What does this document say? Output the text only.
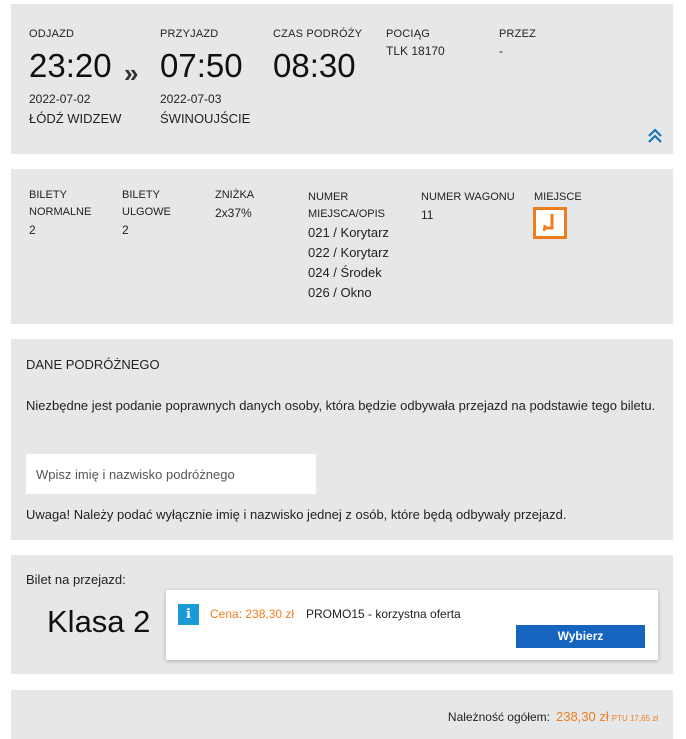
ODJAZD
23:20
2022-07-02
ŁÓDŹ WIDZEW
»
PRZYJAZD
07:50
2022-07-03
ŚWINOUJŚCIE
CZAS PODRÓŻY
08:30
POCIĄG
TLK 18170
PRZEZ
-
BILETY
NORMALNE
2
BILETY
ULGOWE
2
ZNIŻKA
2x37%
NUMER
MIEJSCA/OPIS
021 / Korytarz
022 / Korytarz
024 / Środek
026 / Okno
NUMER WAGONU
11
MIEJSCE
DANE PODRÓŻNEGO
Niezbędne jest podanie poprawnych danych osoby, która będzie odbywała przejazd na podstawie tego biletu.
Wpisz imię i nazwisko podróżnego
Uwaga! Należy podać wyłącznie imię i nazwisko jednej z osób, które będą odbywały przejazd.
Bilet na przejazd:
Klasa 2	i	Cena: 238,30 zł PROMO15 - korzystna oferta
Wybierz
Należność ogółem: 238,30 zł PTU 17,65 zł
